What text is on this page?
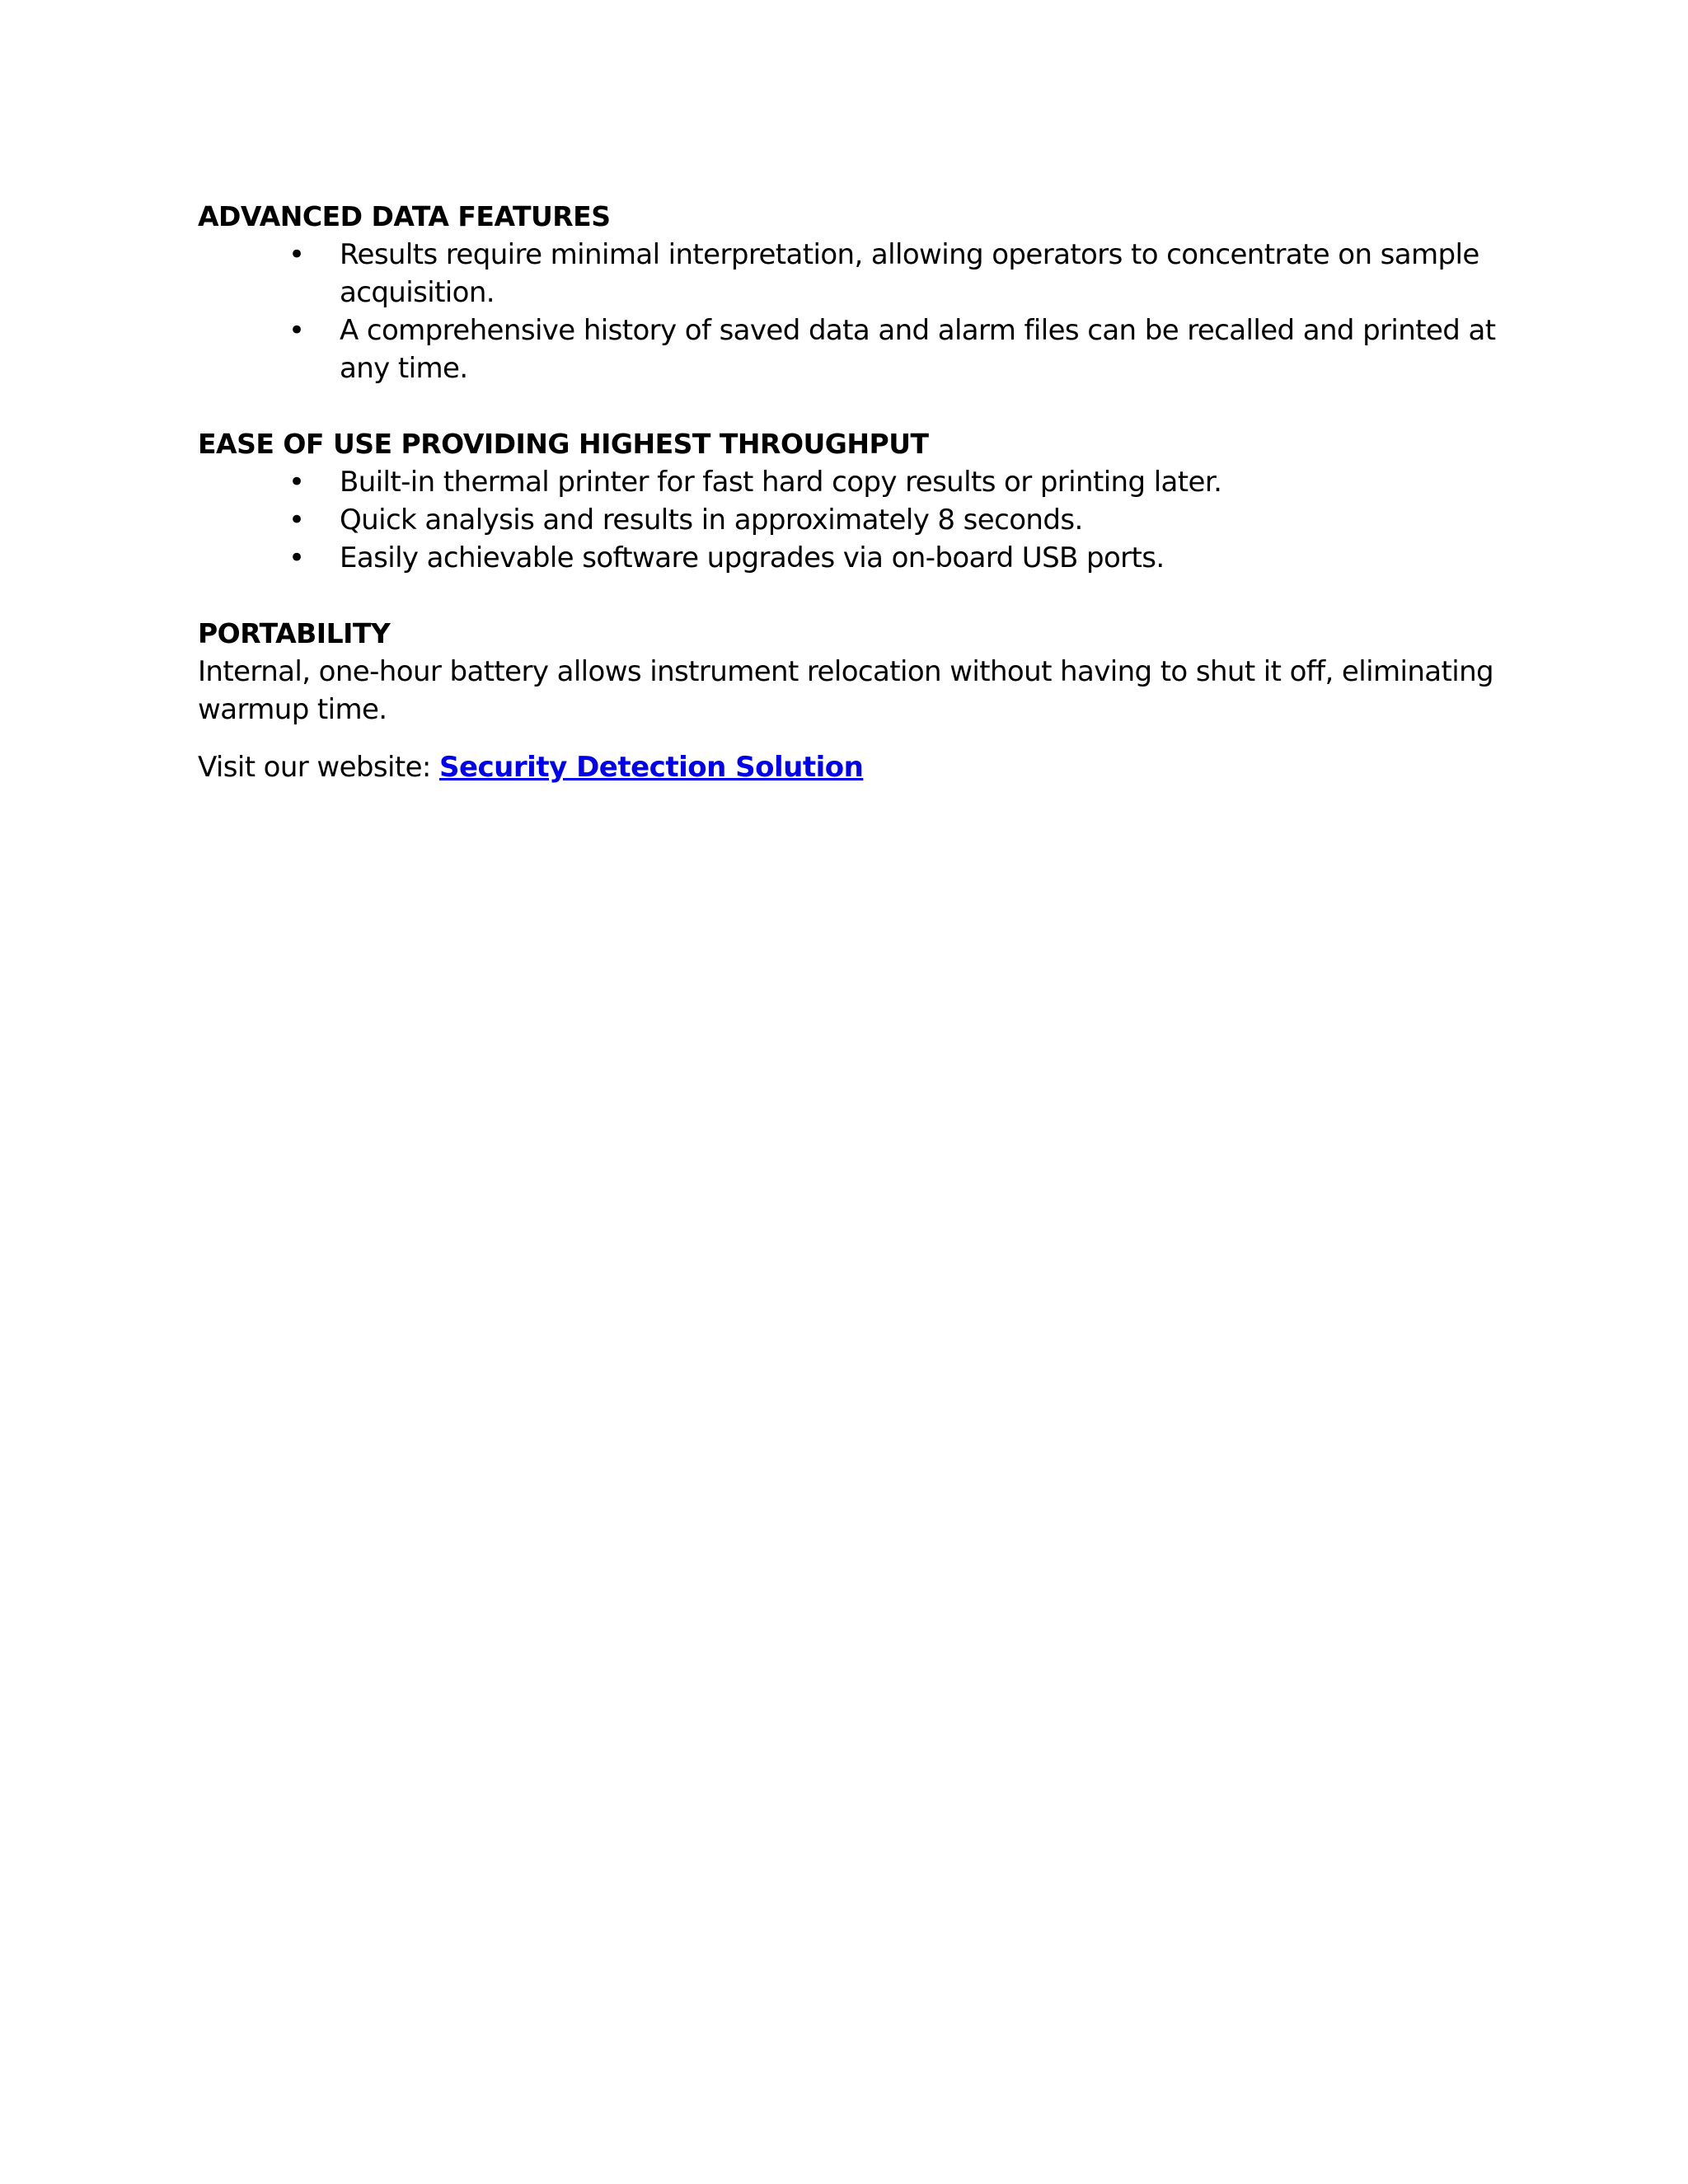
ADVANCED DATA FEATURES
• Results require minimal interpretation, allowing operators to concentrate on sample acquisition.
• A comprehensive history of saved data and alarm files can be recalled and printed at any time.
EASE OF USE PROVIDING HIGHEST THROUGHPUT
• Built-in thermal printer for fast hard copy results or printing later.
• Quick analysis and results in approximately 8 seconds.
• Easily achievable software upgrades via on-board USB ports.
PORTABILITY

Internal, one-hour battery allows instrument relocation without having to shut it off, eliminating warmup time.

Visit our website: Security Detection Solution
